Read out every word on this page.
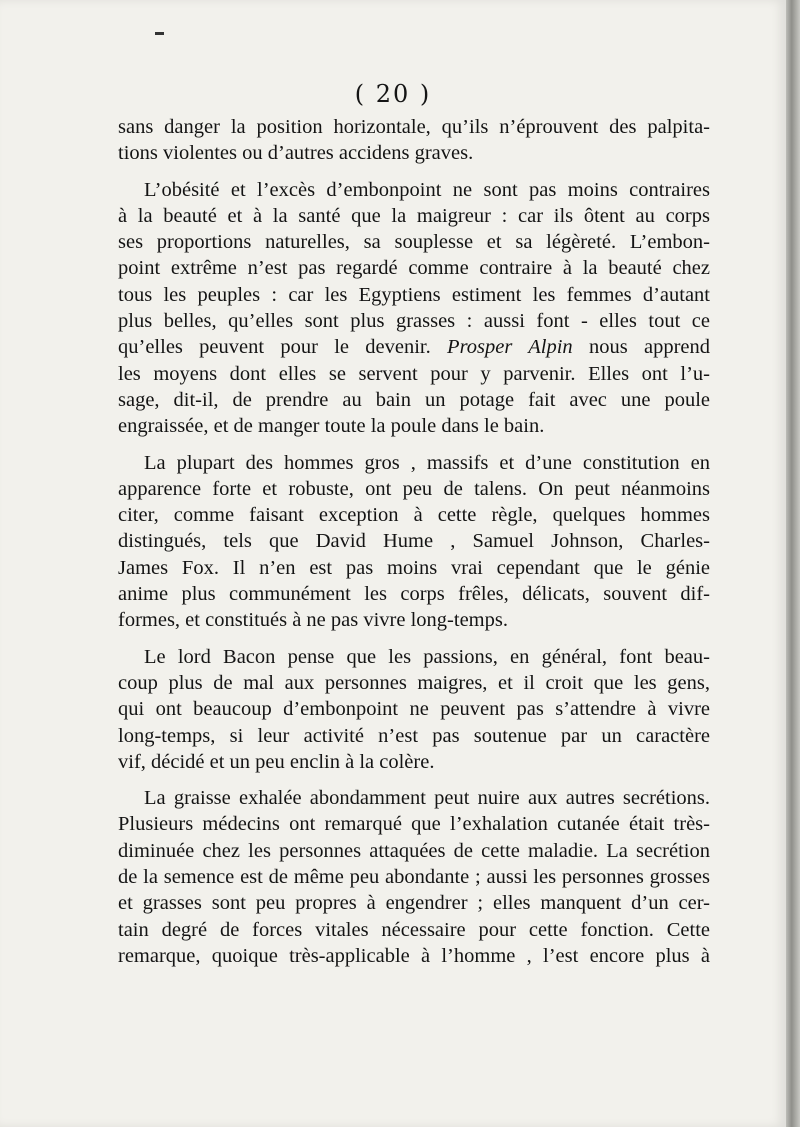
( 20 )
sans danger la position horizontale, qu’ils n’éprouvent des palpita-
tions violentes ou d’autres accidens graves.
L’obésité et l’excès d’embonpoint ne sont pas moins contraires
à la beauté et à la santé que la maigreur : car ils ôtent au corps
ses proportions naturelles, sa souplesse et sa légèreté. L’embon-
point extrême n’est pas regardé comme contraire à la beauté chez
tous les peuples : car les Egyptiens estiment les femmes d’autant
plus belles, qu’elles sont plus grasses : aussi font - elles tout ce
qu’elles peuvent pour le devenir. Prosper Alpin nous apprend
les moyens dont elles se servent pour y parvenir. Elles ont l’u-
sage, dit-il, de prendre au bain un potage fait avec une poule
engraissée, et de manger toute la poule dans le bain.
La plupart des hommes gros , massifs et d’une constitution en
apparence forte et robuste, ont peu de talens. On peut néanmoins
citer, comme faisant exception à cette règle, quelques hommes
distingués, tels que David Hume , Samuel Johnson, Charles-
James Fox. Il n’en est pas moins vrai cependant que le génie
anime plus communément les corps frêles, délicats, souvent dif-
formes, et constitués à ne pas vivre long-temps.
Le lord Bacon pense que les passions, en général, font beau-
coup plus de mal aux personnes maigres, et il croit que les gens,
qui ont beaucoup d’embonpoint ne peuvent pas s’attendre à vivre
long-temps, si leur activité n’est pas soutenue par un caractère
vif, décidé et un peu enclin à la colère.
La graisse exhalée abondamment peut nuire aux autres secrétions.
Plusieurs médecins ont remarqué que l’exhalation cutanée était très-
diminuée chez les personnes attaquées de cette maladie. La secrétion
de la semence est de même peu abondante ; aussi les personnes grosses
et grasses sont peu propres à engendrer ; elles manquent d’un cer-
tain degré de forces vitales nécessaire pour cette fonction. Cette
remarque, quoique très-applicable à l’homme , l’est encore plus à
